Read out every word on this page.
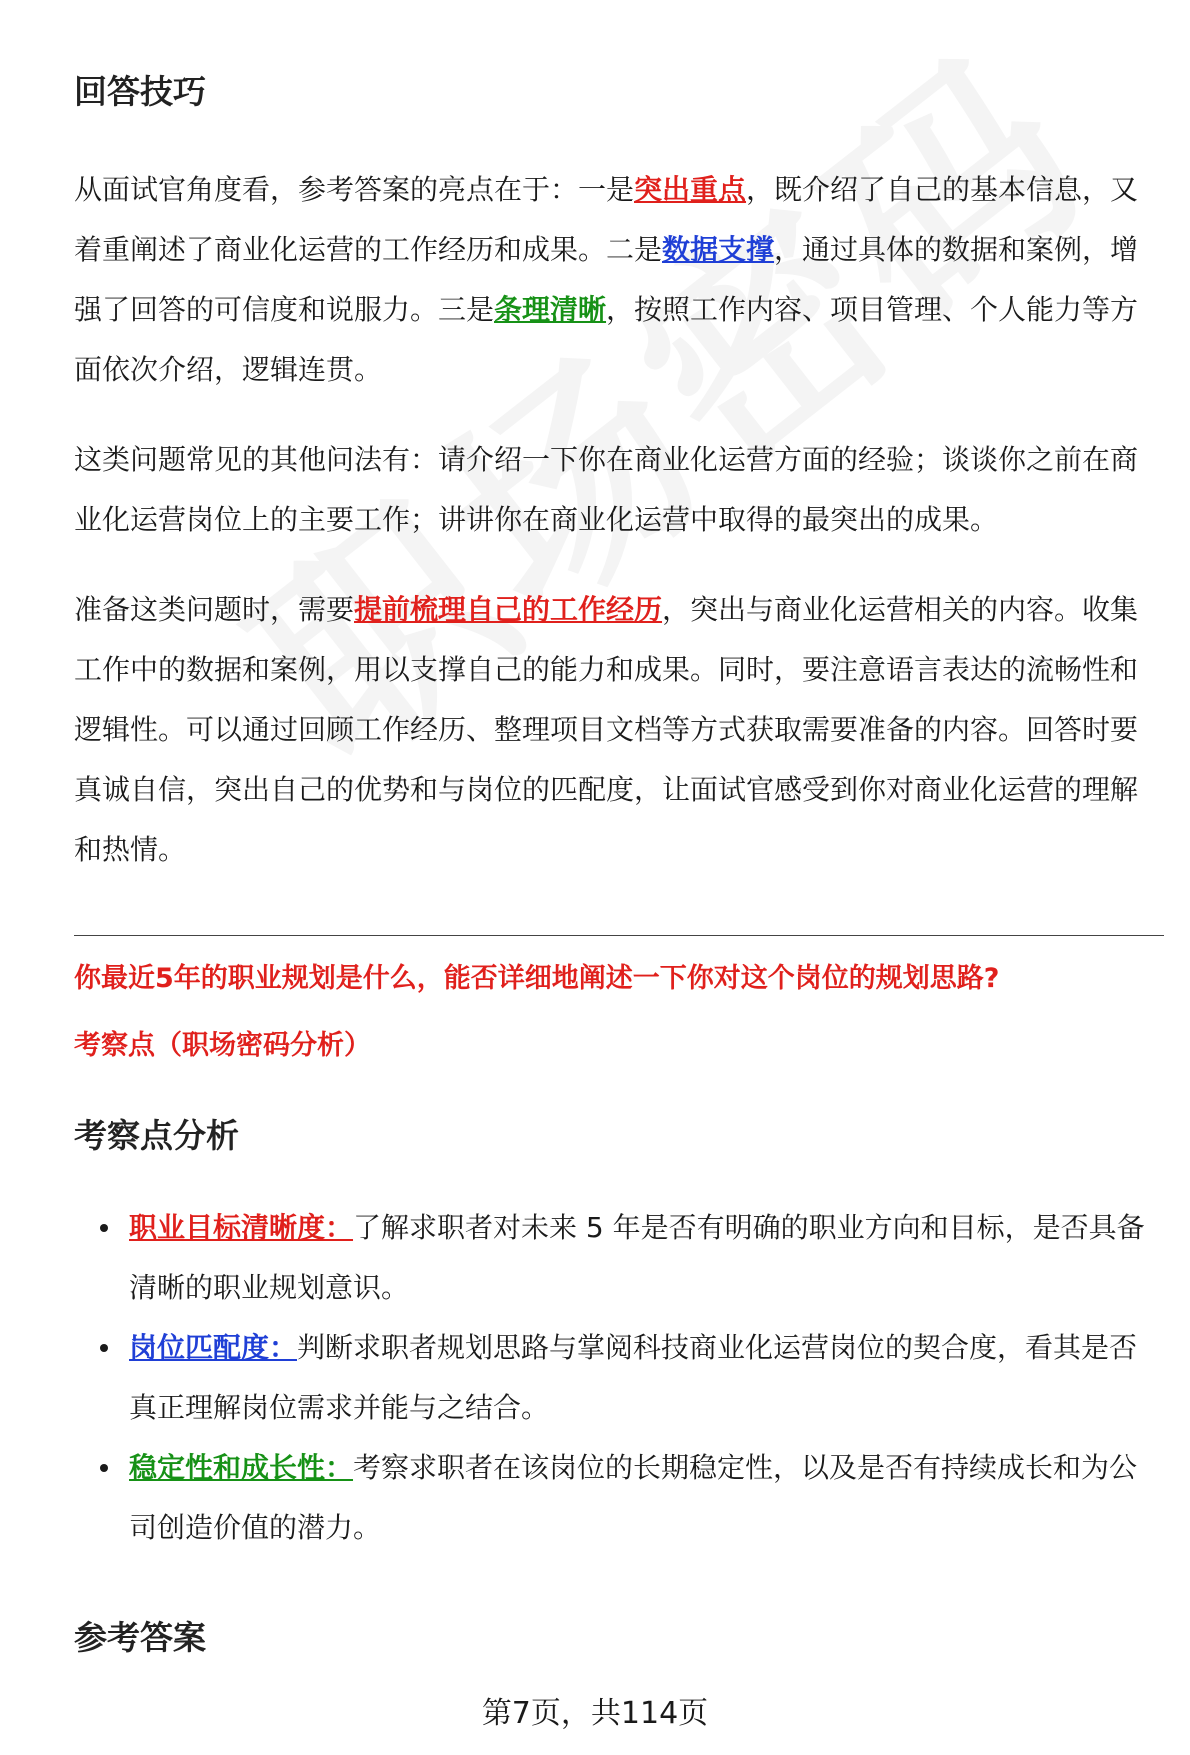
回答技巧

从面试官角度看，参考答案的亮点在于：一是突出重点，既介绍了自己的基本信息，又着重阐述了商业化运营的工作经历和成果。二是数据支撑，通过具体的数据和案例，增强了回答的可信度和说服力。三是条理清晰，按照工作内容、项目管理、个人能力等方面依次介绍，逻辑连贯。

这类问题常见的其他问法有：请介绍一下你在商业化运营方面的经验；谈谈你之前在商业化运营岗位上的主要工作；讲讲你在商业化运营中取得的最突出的成果。

准备这类问题时，需要提前梳理自己的工作经历，突出与商业化运营相关的内容。收集工作中的数据和案例，用以支撑自己的能力和成果。同时，要注意语言表达的流畅性和逻辑性。可以通过回顾工作经历、整理项目文档等方式获取需要准备的内容。回答时要真诚自信，突出自己的优势和与岗位的匹配度，让面试官感受到你对商业化运营的理解和热情。

你最近5年的职业规划是什么，能否详细地阐述一下你对这个岗位的规划思路?
考察点（职场密码分析）
考察点分析
职业目标清晰度：了解求职者对未来 5 年是否有明确的职业方向和目标，是否具备清晰的职业规划意识。
岗位匹配度：判断求职者规划思路与掌阅科技商业化运营岗位的契合度，看其是否真正理解岗位需求并能与之结合。
稳定性和成长性：考察求职者在该岗位的长期稳定性，以及是否有持续成长和为公司创造价值的潜力。
参考答案
第7页，共114页
